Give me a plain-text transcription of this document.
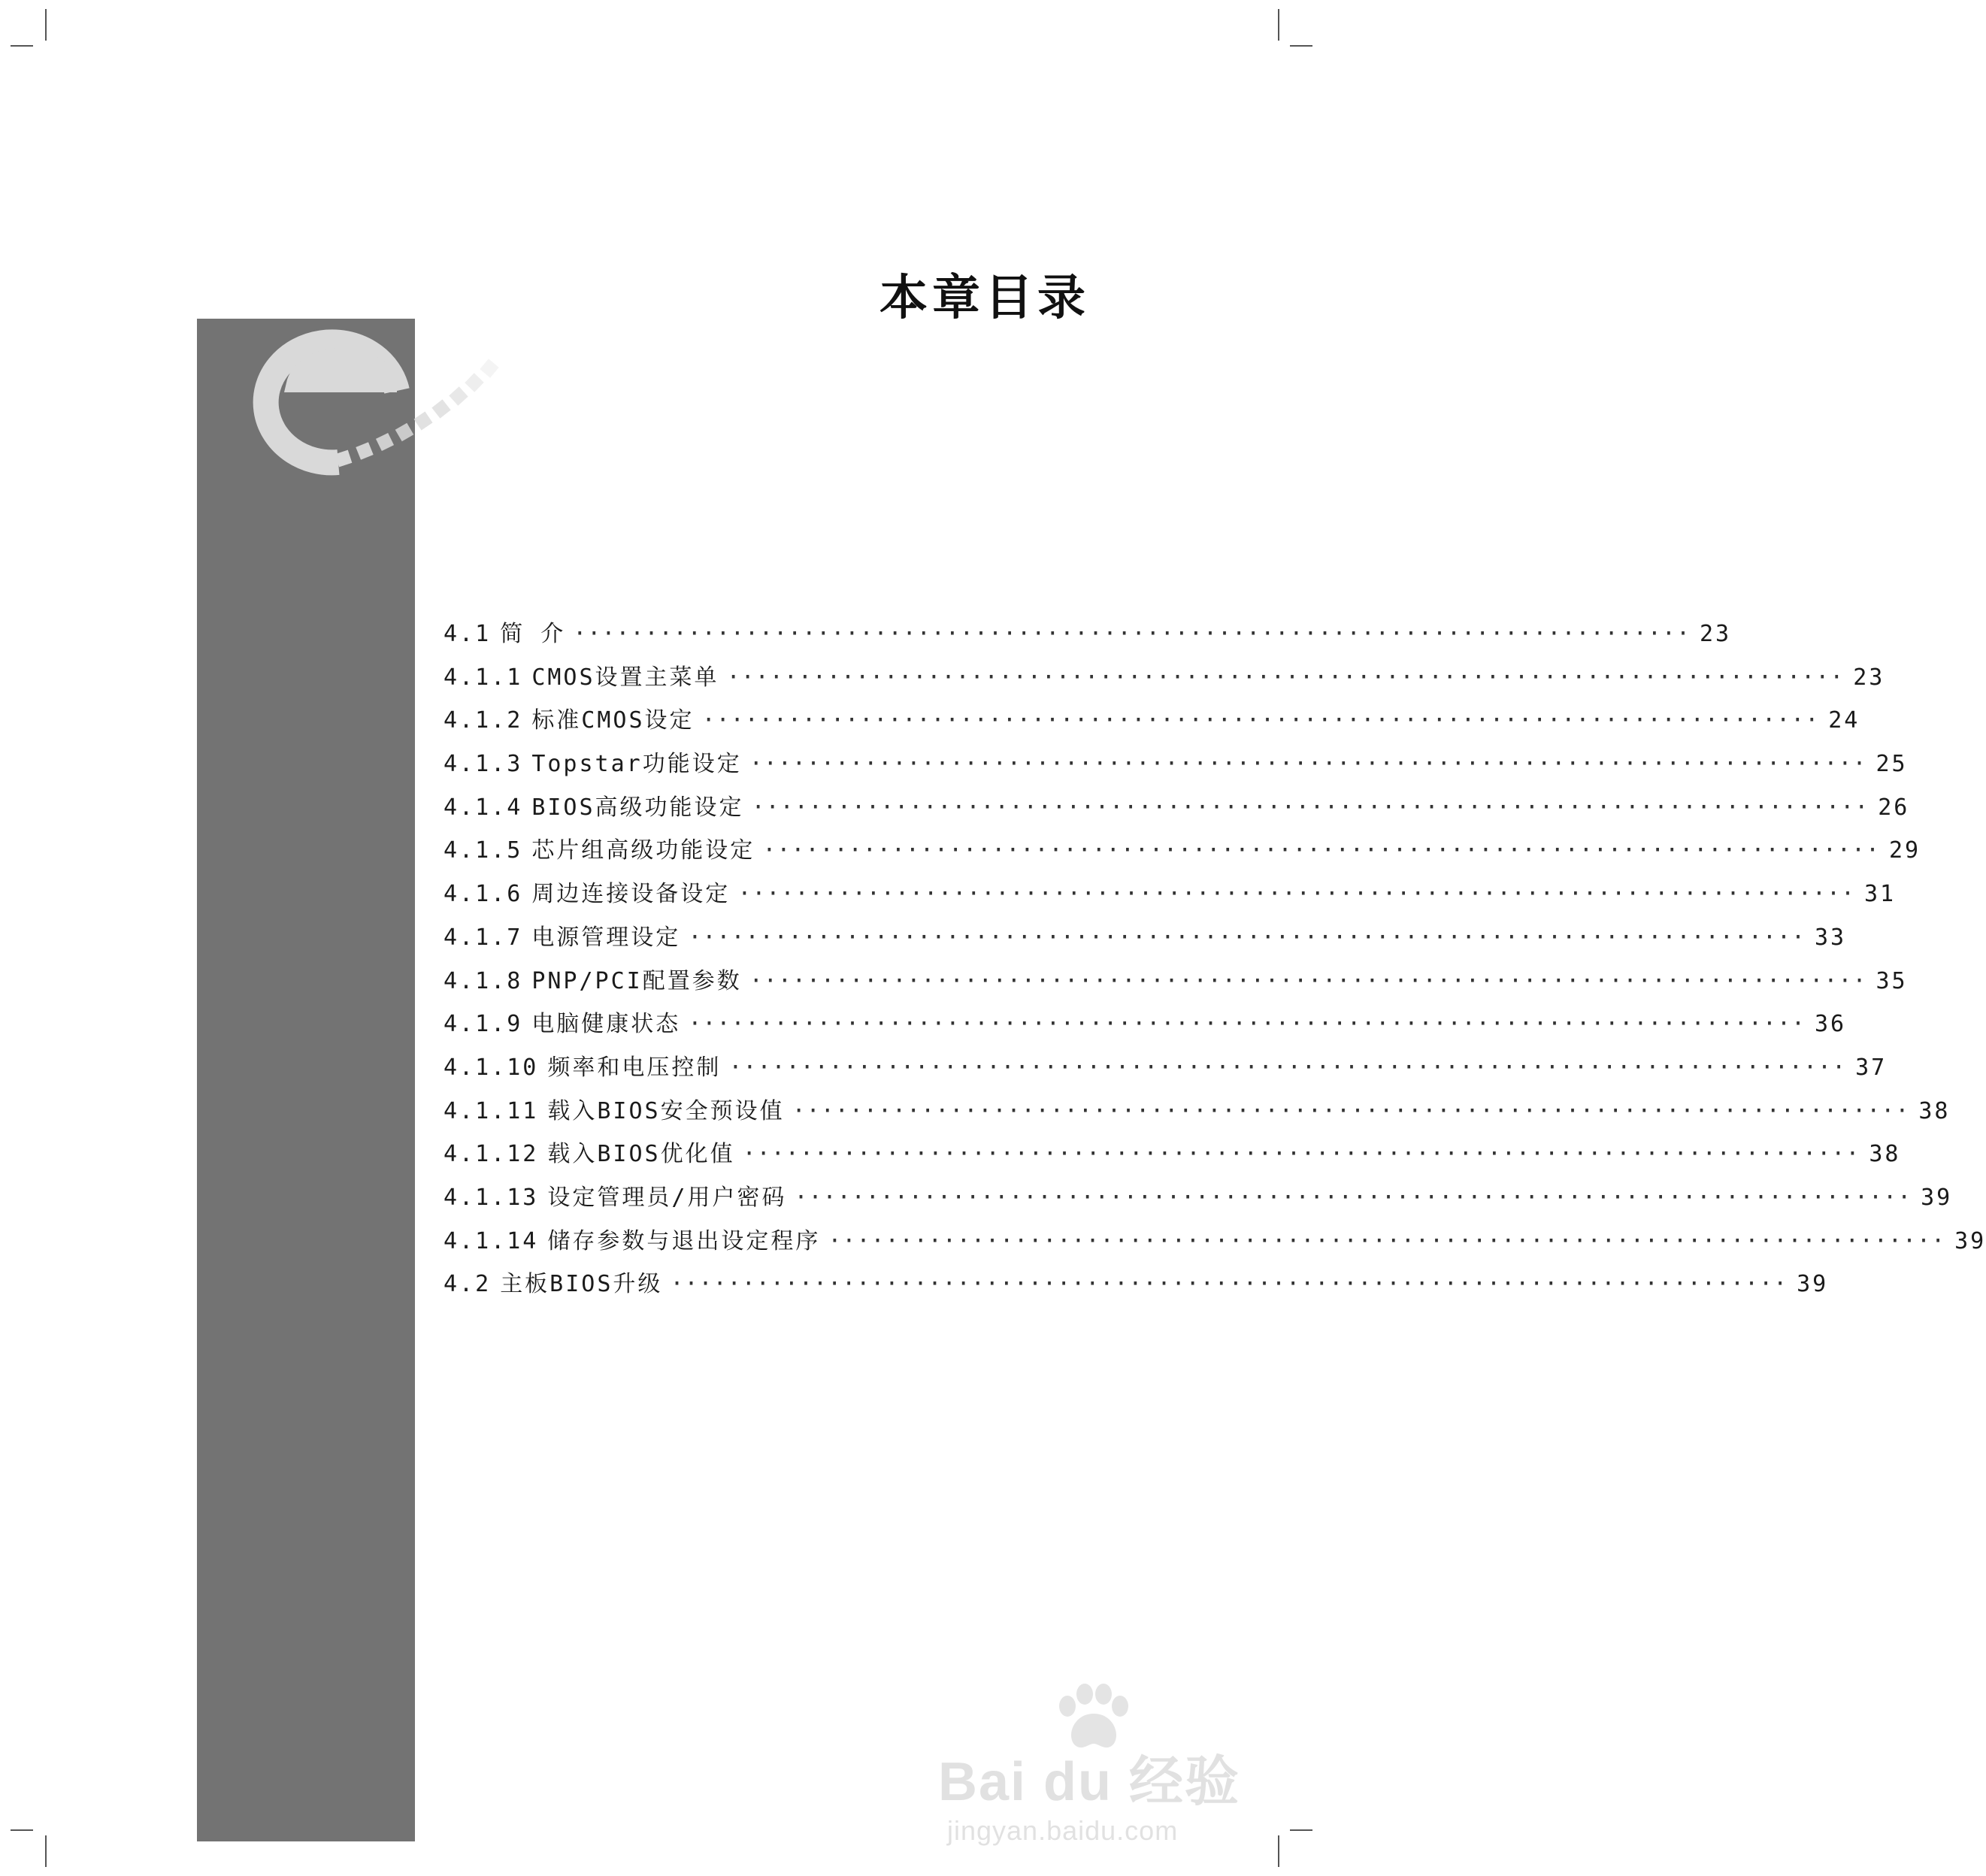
本章目录
4.1 简 介 ·············································································· 23
4.1.1 CMOS设置主菜单 ·············································································· 23
4.1.2 标准CMOS设定 ·············································································· 24
4.1.3 Topstar功能设定 ·············································································· 25
4.1.4 BIOS高级功能设定 ·············································································· 26
4.1.5 芯片组高级功能设定 ·············································································· 29
4.1.6 周边连接设备设定 ·············································································· 31
4.1.7 电源管理设定 ·············································································· 33
4.1.8 PNP/PCI配置参数 ·············································································· 35
4.1.9 电脑健康状态 ·············································································· 36
4.1.10 频率和电压控制 ·············································································· 37
4.1.11 载入BIOS安全预设值 ·············································································· 38
4.1.12 载入BIOS优化值 ·············································································· 38
4.1.13 设定管理员/用户密码 ·············································································· 39
4.1.14 储存参数与退出设定程序 ·············································································· 39
4.2 主板BIOS升级 ·············································································· 39
Bai du 经验
jingyan.baidu.com
